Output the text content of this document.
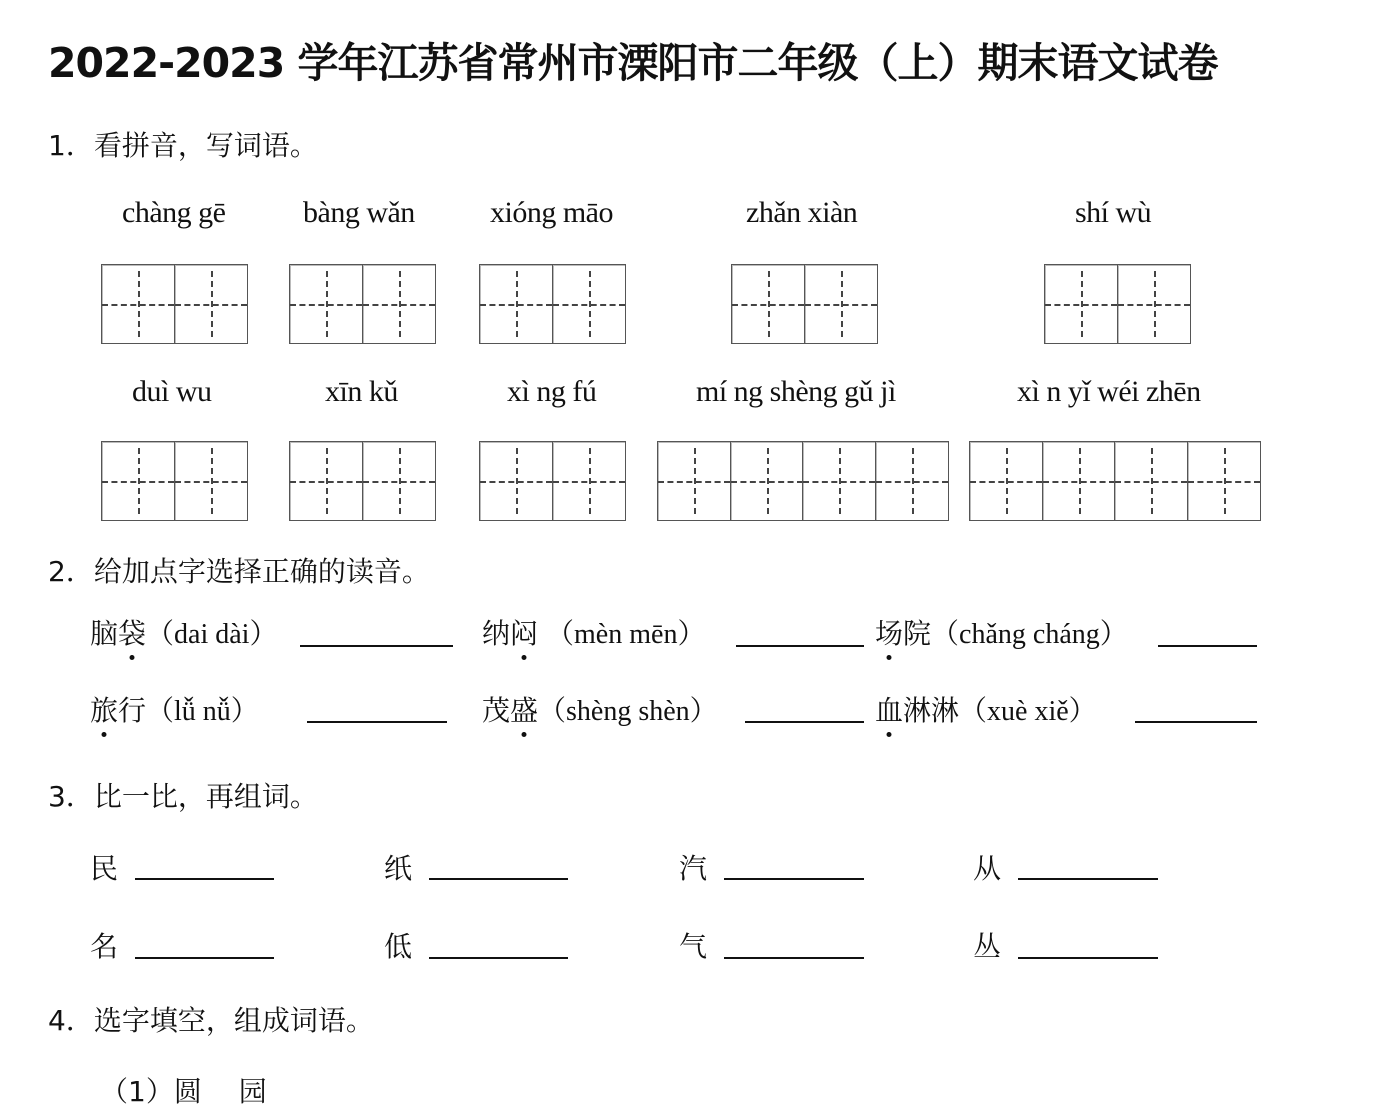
2022-2023 学年江苏省常州市溧阳市二年级（上）期末语文试卷
1．看拼音，写词语。
chàng gē	bàng wǎn	xióng māo	zhǎn xiàn	shí wù
duì wu	xīn kǔ	xì ng fú	mí ng shèng gǔ jì	xì n yǐ wéi zhēn
2．给加点字选择正确的读音。
脑袋（dai dài）	纳闷 （mèn mēn）	场院（chǎng cháng）
旅行（lǚ nǚ）	茂盛（shèng shèn）	血淋淋（xuè xiě）
3．比一比，再组词。
民	纸	汽	从
名	低	气	丛
4．选字填空，组成词语。
（1）圆　 园
